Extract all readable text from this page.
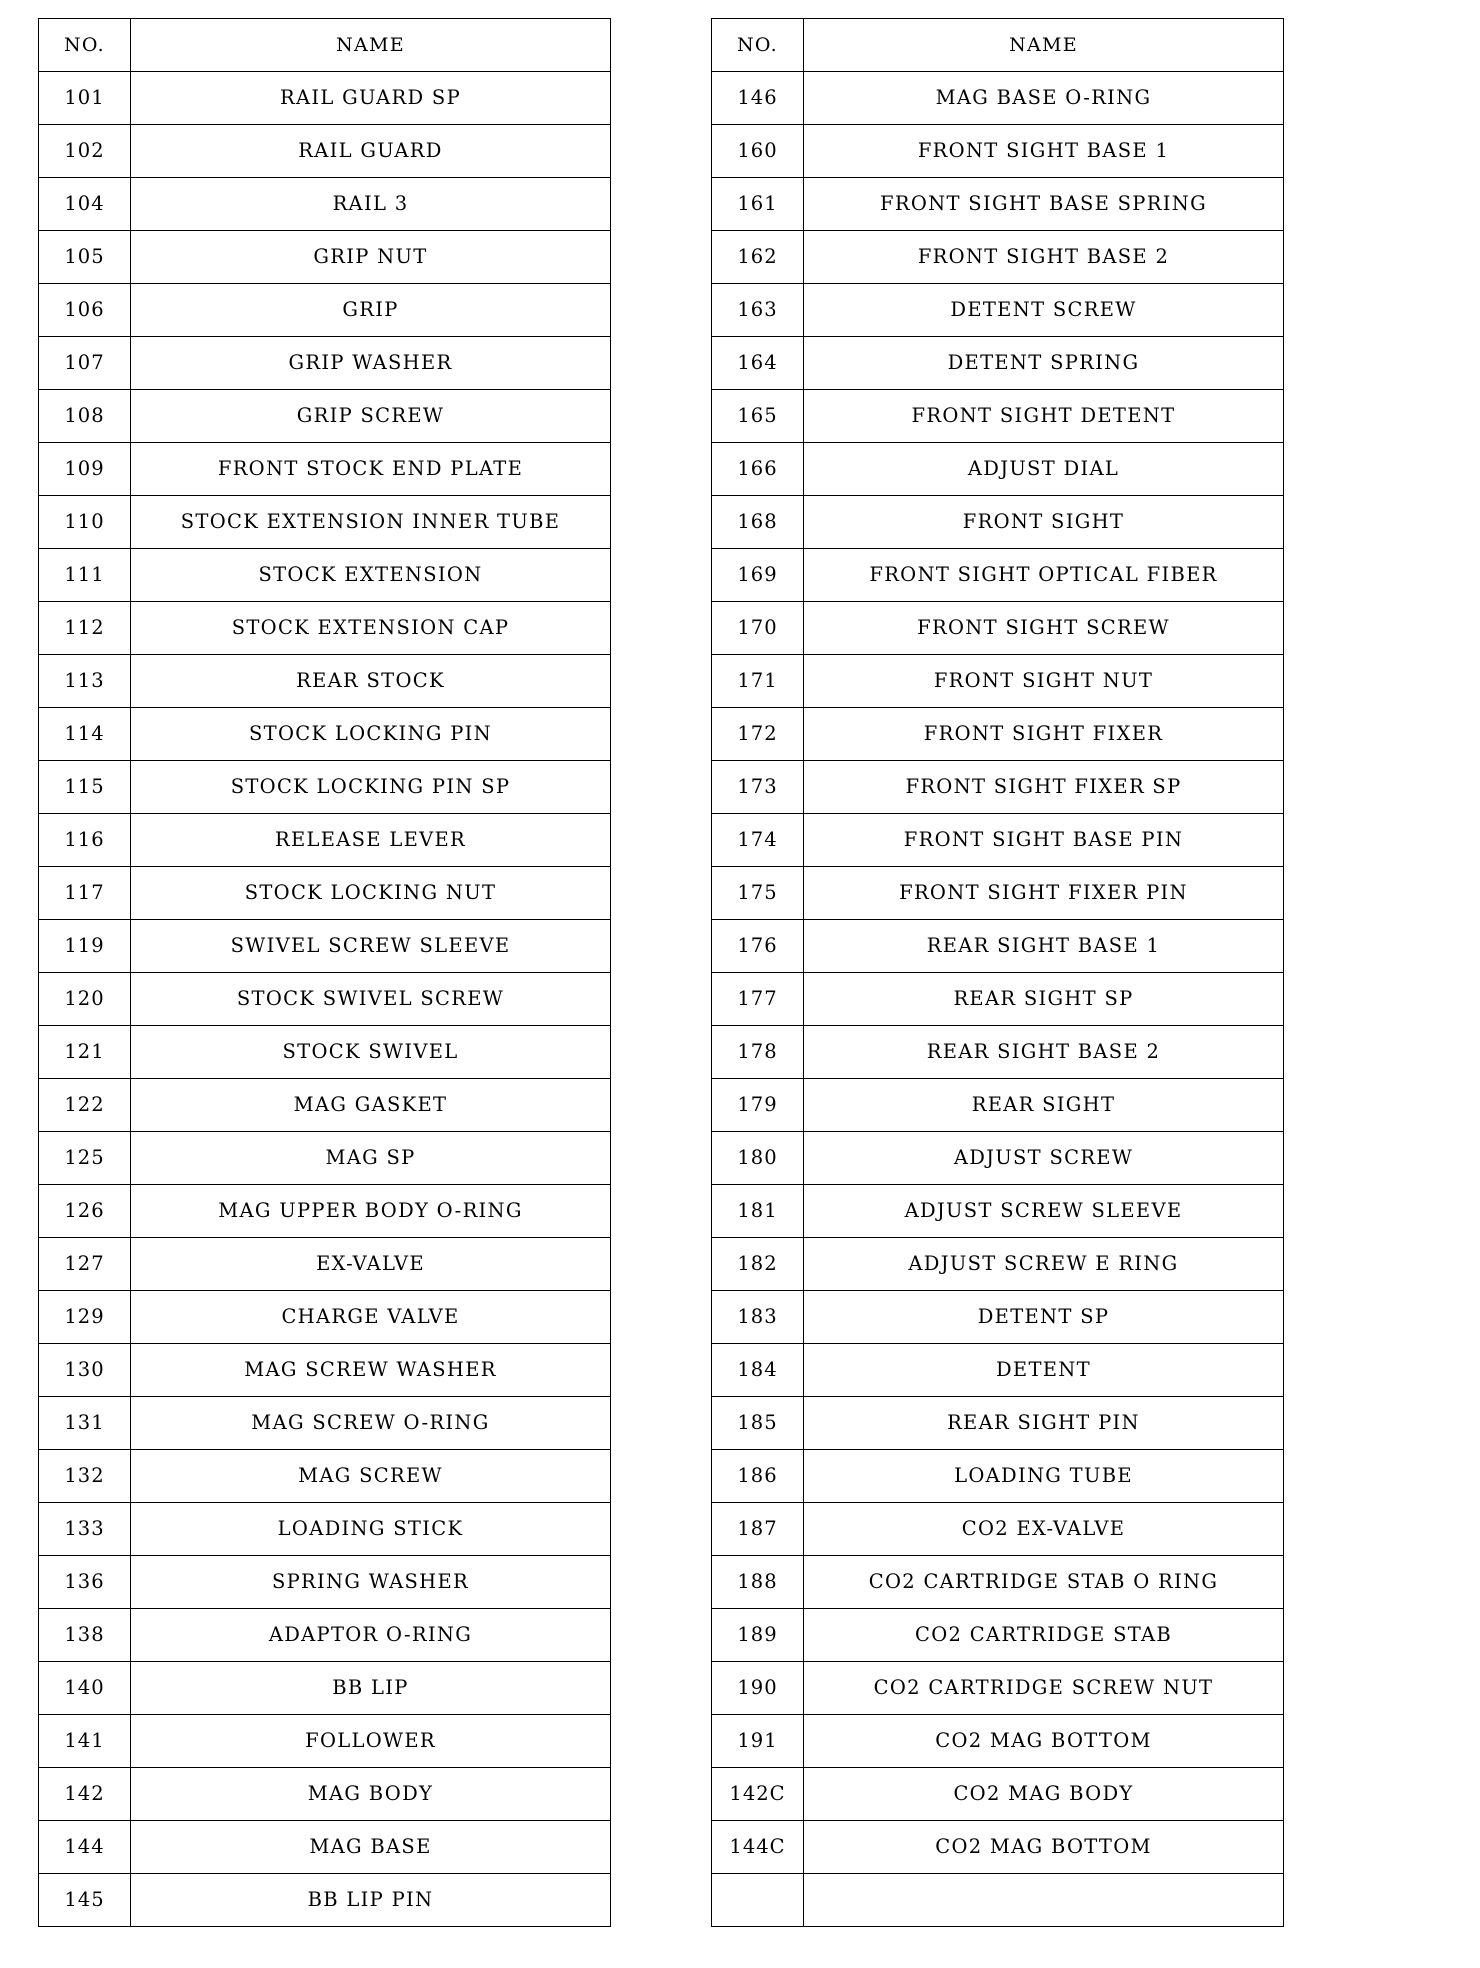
NO.	NAME
101	RAIL GUARD SP
102	RAIL GUARD
104	RAIL 3
105	GRIP NUT
106	GRIP
107	GRIP WASHER
108	GRIP SCREW
109	FRONT STOCK END PLATE
110	STOCK EXTENSION INNER TUBE
111	STOCK EXTENSION
112	STOCK EXTENSION CAP
113	REAR STOCK
114	STOCK LOCKING PIN
115	STOCK LOCKING PIN SP
116	RELEASE LEVER
117	STOCK LOCKING NUT
119	SWIVEL SCREW SLEEVE
120	STOCK SWIVEL SCREW
121	STOCK SWIVEL
122	MAG GASKET
125	MAG SP
126	MAG UPPER BODY O-RING
127	EX-VALVE
129	CHARGE VALVE
130	MAG SCREW WASHER
131	MAG SCREW O-RING
132	MAG SCREW
133	LOADING STICK
136	SPRING WASHER
138	ADAPTOR O-RING
140	BB LIP
141	FOLLOWER
142	MAG BODY
144	MAG BASE
145	BB LIP PIN
NO.	NAME
146	MAG BASE O-RING
160	FRONT SIGHT BASE 1
161	FRONT SIGHT BASE SPRING
162	FRONT SIGHT BASE 2
163	DETENT SCREW
164	DETENT SPRING
165	FRONT SIGHT DETENT
166	ADJUST DIAL
168	FRONT SIGHT
169	FRONT SIGHT OPTICAL FIBER
170	FRONT SIGHT SCREW
171	FRONT SIGHT NUT
172	FRONT SIGHT FIXER
173	FRONT SIGHT FIXER SP
174	FRONT SIGHT BASE PIN
175	FRONT SIGHT FIXER PIN
176	REAR SIGHT BASE 1
177	REAR SIGHT SP
178	REAR SIGHT BASE 2
179	REAR SIGHT
180	ADJUST SCREW
181	ADJUST SCREW SLEEVE
182	ADJUST SCREW E RING
183	DETENT SP
184	DETENT
185	REAR SIGHT PIN
186	LOADING TUBE
187	CO2 EX-VALVE
188	CO2 CARTRIDGE STAB O RING
189	CO2 CARTRIDGE STAB
190	CO2 CARTRIDGE SCREW NUT
191	CO2 MAG BOTTOM
142C	CO2 MAG BODY
144C	CO2 MAG BOTTOM
